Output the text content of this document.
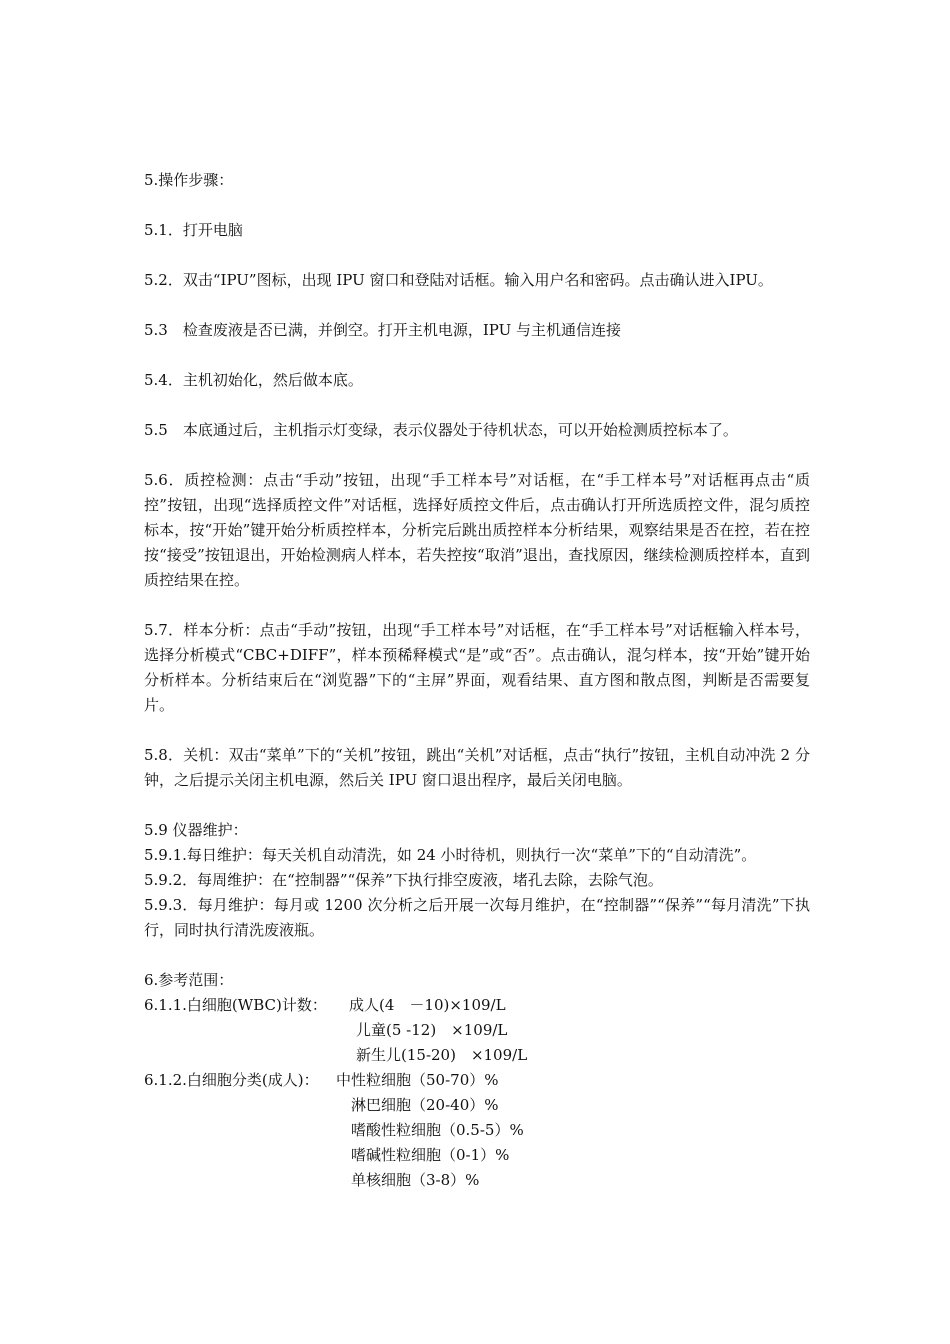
5.操作步骤：

5.1．打开电脑

5.2．双击“IPU”图标，出现 IPU 窗口和登陆对话框。输入用户名和密码。点击确认进入IPU。

5.3　检查废液是否已满，并倒空。打开主机电源，IPU 与主机通信连接

5.4．主机初始化，然后做本底。

5.5　本底通过后，主机指示灯变绿，表示仪器处于待机状态，可以开始检测质控标本了。

5.6．质控检测：点击“手动”按钮，出现“手工样本号”对话框，在“手工样本号”对话框再点击“质控”按钮，出现“选择质控文件”对话框，选择好质控文件后，点击确认打开所选质控文件，混匀质控标本，按“开始”键开始分析质控样本，分析完后跳出质控样本分析结果，观察结果是否在控，若在控按“接受”按钮退出，开始检测病人样本，若失控按“取消”退出，查找原因，继续检测质控样本，直到质控结果在控。

5.7．样本分析：点击“手动”按钮，出现“手工样本号”对话框，在“手工样本号”对话框输入样本号，选择分析模式“CBC+DIFF”，样本预稀释模式“是”或“否”。点击确认，混匀样本，按“开始”键开始分析样本。分析结束后在“浏览器”下的“主屏”界面，观看结果、直方图和散点图，判断是否需要复片。

5.8．关机：双击“菜单”下的“关机”按钮，跳出“关机”对话框，点击“执行”按钮，主机自动冲洗 2 分钟，之后提示关闭主机电源，然后关 IPU 窗口退出程序，最后关闭电脑。

5.9 仪器维护：

5.9.1.每日维护：每天关机自动清洗，如 24 小时待机，则执行一次“菜单”下的“自动清洗”。

5.9.2．每周维护：在“控制器”“保养”下执行排空废液，堵孔去除，去除气泡。

5.9.3．每月维护：每月或 1200 次分析之后开展一次每月维护，在“控制器”“保养”“每月清洗”下执行，同时执行清洗废液瓶。

6.参考范围：

6.1.1.白细胞(WBC)计数：	成人(4　－10)×109/L
儿童(5 -12)　×109/L
新生儿(15-20)　×109/L
6.1.2.白细胞分类(成人)：	中性粒细胞（50-70）%
淋巴细胞（20-40）%
嗜酸性粒细胞（0.5-5）%
嗜碱性粒细胞（0-1）%
单核细胞（3-8）%
